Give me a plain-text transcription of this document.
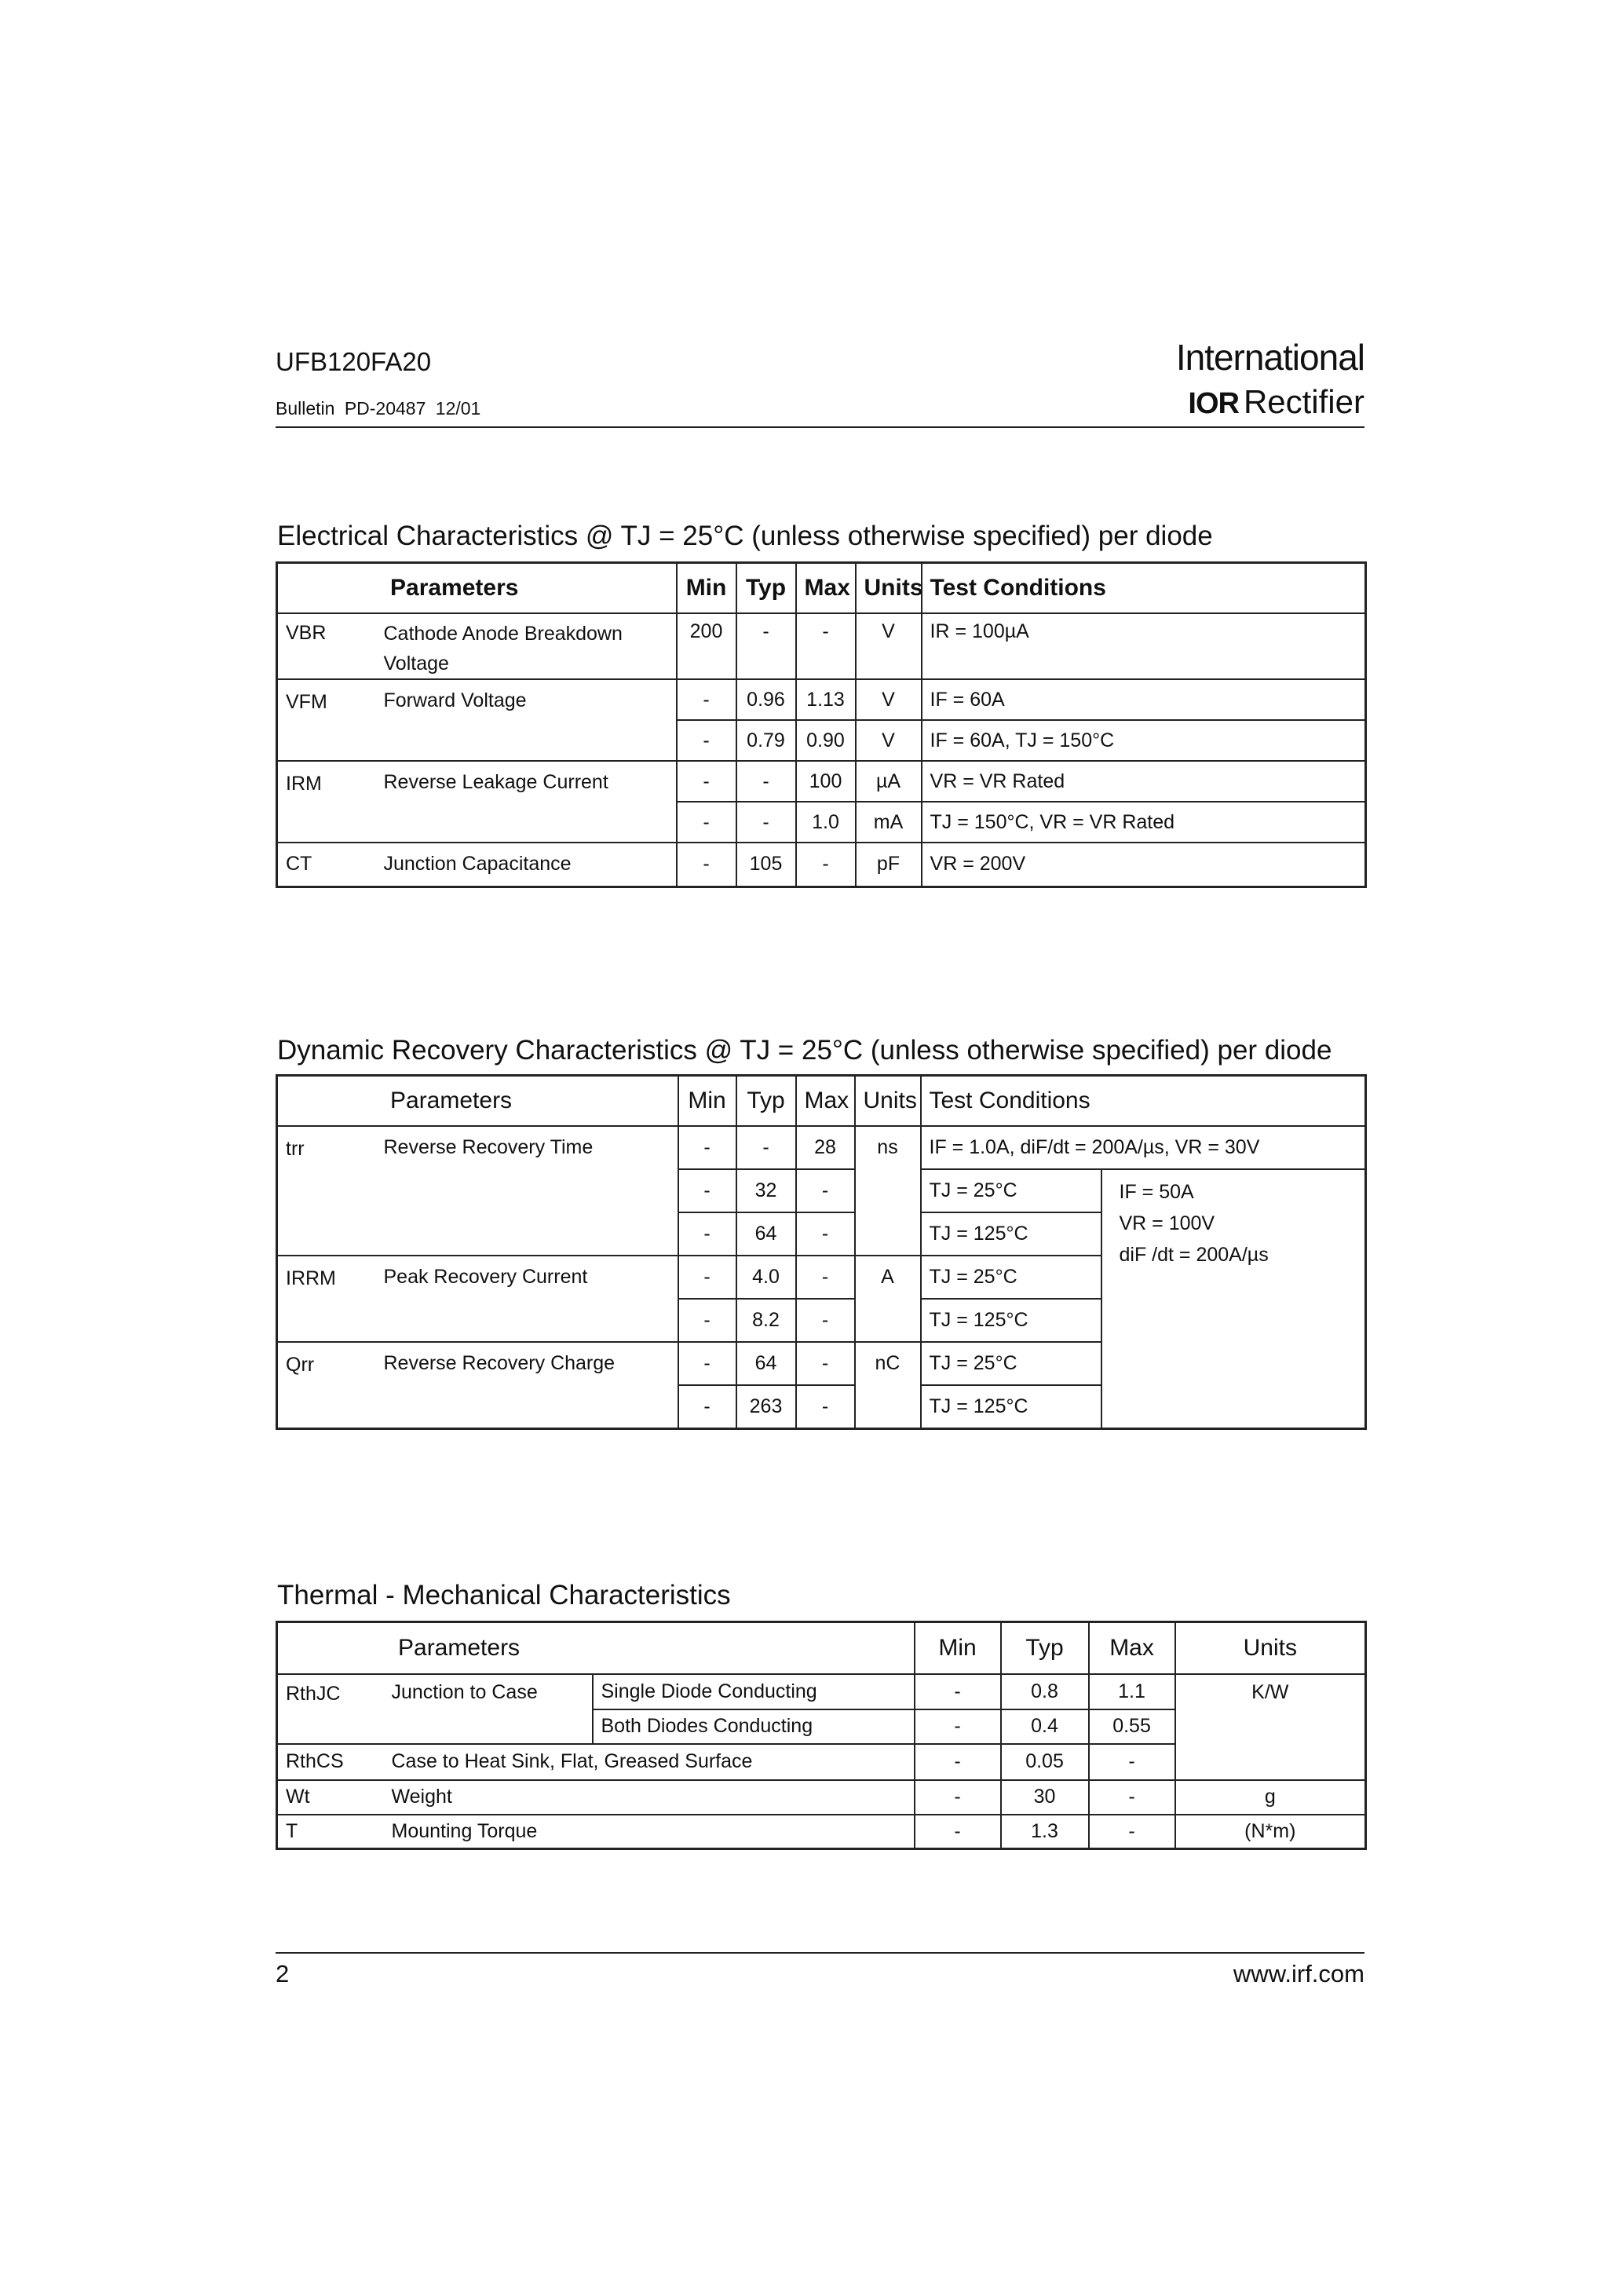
UFB120FA20
Bulletin PD-20487 12/01
International
IOR Rectifier
Electrical Characteristics @ TJ = 25°C (unless otherwise specified) per diode
Parameters		Min	Typ	Max	Units	Test Conditions
VBR	Cathode Anode Breakdown Voltage	200	-	-	V	IR = 100µA
VFM	Forward Voltage	-	0.96	1.13	V	IF = 60A
		-	0.79	0.90	V	IF = 60A, TJ = 150°C
IRM	Reverse Leakage Current	-	-	100	µA	VR = VR Rated
		-	-	1.0	mA	TJ = 150°C, VR = VR Rated
CT	Junction Capacitance	-	105	-	pF	VR = 200V
Dynamic Recovery Characteristics @ TJ = 25°C (unless otherwise specified) per diode
Parameters		Min	Typ	Max	Units	Test Conditions	
trr	Reverse Recovery Time	-	-	28	ns	IF = 1.0A, diF/dt = 200A/µs, VR = 30V	
		-	32	-		TJ = 25°C	IF = 50A
VR = 100V
diF /dt = 200A/µs

		-	64	-		TJ = 125°C	
IRRM	Peak Recovery Current	-	4.0	-	A	TJ = 25°C	
		-	8.2	-		TJ = 125°C	
Qrr	Reverse Recovery Charge	-	64	-	nC	TJ = 25°C	
		-	263	-		TJ = 125°C	
Thermal - Mechanical Characteristics
Parameters			Min	Typ	Max	Units
RthJC	Junction to Case	Single Diode Conducting	-	0.8	1.1	K/W
		Both Diodes Conducting	-	0.4	0.55	
RthCS	Case to Heat Sink, Flat, Greased Surface		-	0.05	-	
Wt	Weight		-	30	-	g
T	Mounting Torque		-	1.3	-	(N*m)
2	www.irf.com
